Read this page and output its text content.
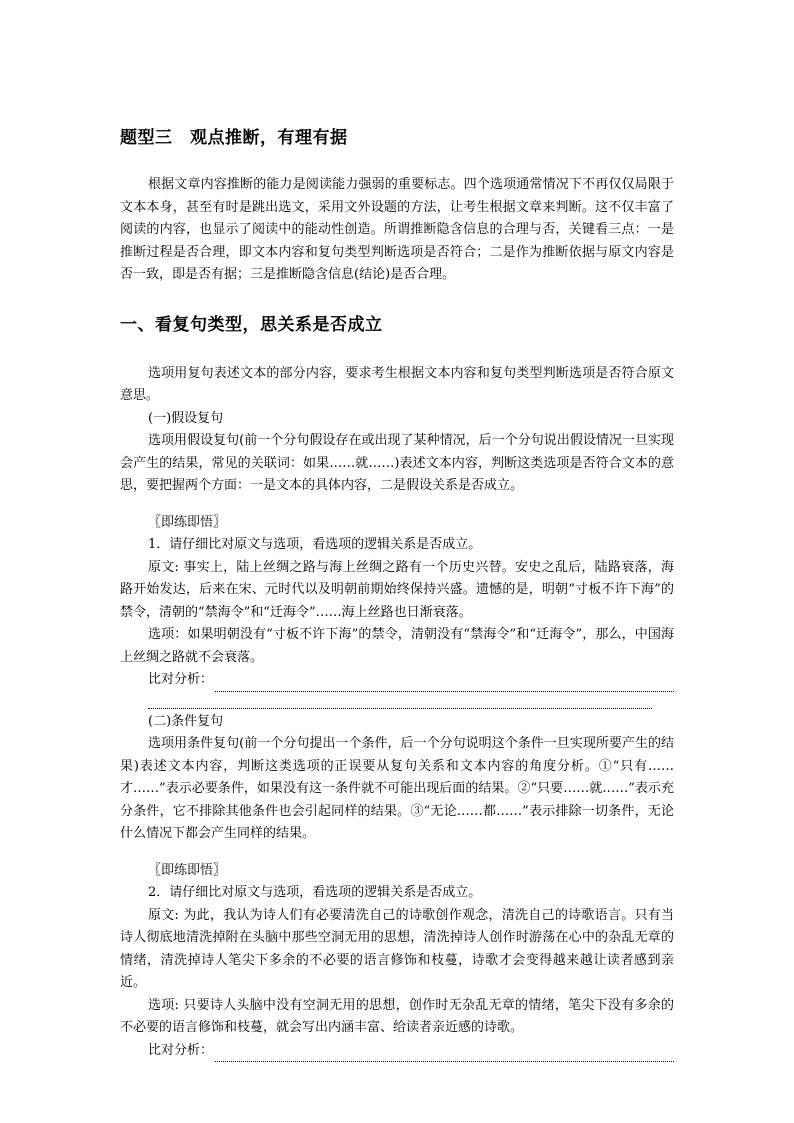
题型三　观点推断，有理有据

根据文章内容推断的能力是阅读能力强弱的重要标志。四个选项通常情况下不再仅仅局限于文本本身，甚至有时是跳出选文，采用文外设题的方法，让考生根据文章来判断。这不仅丰富了阅读的内容，也显示了阅读中的能动性创造。所谓推断隐含信息的合理与否，关键看三点：一是推断过程是否合理，即文本内容和复句类型判断选项是否符合；二是作为推断依据与原文内容是否一致，即是否有据；三是推断隐含信息(结论)是否合理。

一、看复句类型，思关系是否成立

选项用复句表述文本的部分内容，要求考生根据文本内容和复句类型判断选项是否符合原文意思。

(一)假设复句

选项用假设复句(前一个分句假设存在或出现了某种情况，后一个分句说出假设情况一旦实现会产生的结果，常见的关联词：如果……就……)表述文本内容，判断这类选项是否符合文本的意思，要把握两个方面：一是文本的具体内容，二是假设关系是否成立。

〖即练即悟〗

1．请仔细比对原文与选项，看选项的逻辑关系是否成立。

原文: 事实上，陆上丝绸之路与海上丝绸之路有一个历史兴替。安史之乱后，陆路衰落，海路开始发达，后来在宋、元时代以及明朝前期始终保持兴盛。遗憾的是，明朝“寸板不许下海”的禁令，清朝的“禁海令”和“迁海令”……海上丝路也日渐衰落。

选项：如果明朝没有“寸板不许下海”的禁令，清朝没有“禁海令”和“迁海令”，那么，中国海上丝绸之路就不会衰落。

比对分析：

(二)条件复句

选项用条件复句(前一个分句提出一个条件，后一个分句说明这个条件一旦实现所要产生的结果)表述文本内容，判断这类选项的正误要从复句关系和文本内容的角度分析。①“只有……才……”表示必要条件，如果没有这一条件就不可能出现后面的结果。②“只要……就……”表示充分条件，它不排除其他条件也会引起同样的结果。③“无论……都……”表示排除一切条件，无论什么情况下都会产生同样的结果。

〖即练即悟〗

2．请仔细比对原文与选项，看选项的逻辑关系是否成立。

原文: 为此，我认为诗人们有必要清洗自己的诗歌创作观念，清洗自己的诗歌语言。只有当诗人彻底地清洗掉附在头脑中那些空洞无用的思想，清洗掉诗人创作时游荡在心中的杂乱无章的情绪，清洗掉诗人笔尖下多余的不必要的语言修饰和枝蔓，诗歌才会变得越来越让读者感到亲近。

选项: 只要诗人头脑中没有空洞无用的思想，创作时无杂乱无章的情绪，笔尖下没有多余的不必要的语言修饰和枝蔓，就会写出内涵丰富、给读者亲近感的诗歌。

比对分析：
